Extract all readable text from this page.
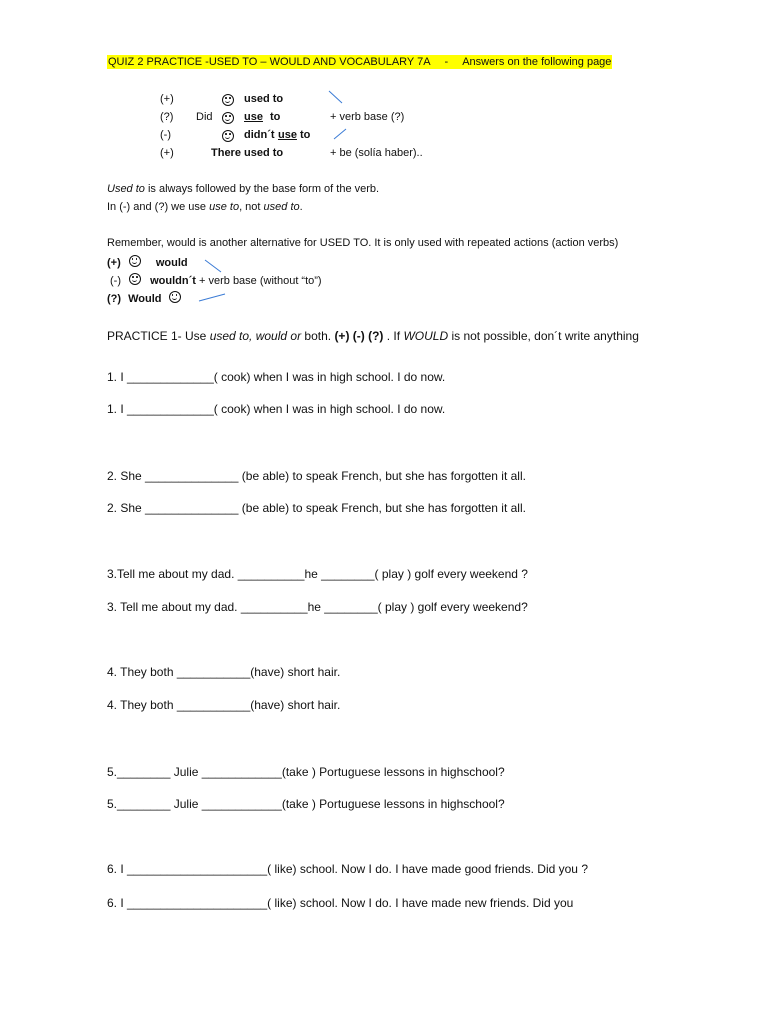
QUIZ 2 PRACTICE -USED TO – WOULD AND VOCABULARY 7A - Answers on the following page
(+)	used to
(?) Did	use to	+ verb base (?)
(-)	didn´t use to
(+)	There used to	+ be (solía haber)..
Used to is always followed by the base form of the verb.
In (-) and (?) we use use to, not used to.
Remember, would is another alternative for USED TO. It is only used with repeated actions (action verbs)
(+)	would
(-)	wouldn´t + verb base (without “to”)
(?) Would
PRACTICE 1- Use used to, would or both. (+) (-) (?) . If WOULD is not possible, don´t write anything
1. I _____________( cook) when I was in high school. I do now.
1. I _____________( cook) when I was in high school. I do now.
2. She ______________ (be able) to speak French, but she has forgotten it all.
2. She ______________ (be able) to speak French, but she has forgotten it all.
3.Tell me about my dad. __________he ________( play ) golf every weekend ?
3. Tell me about my dad. __________he ________( play ) golf every weekend?
4. They both ___________(have) short hair.
4. They both ___________(have) short hair.
5.________ Julie ____________(take ) Portuguese lessons in highschool?
5.________ Julie ____________(take ) Portuguese lessons in highschool?
6. I _____________________( like) school. Now I do. I have made good friends. Did you ?
6. I _____________________( like) school. Now I do. I have made new friends. Did you
